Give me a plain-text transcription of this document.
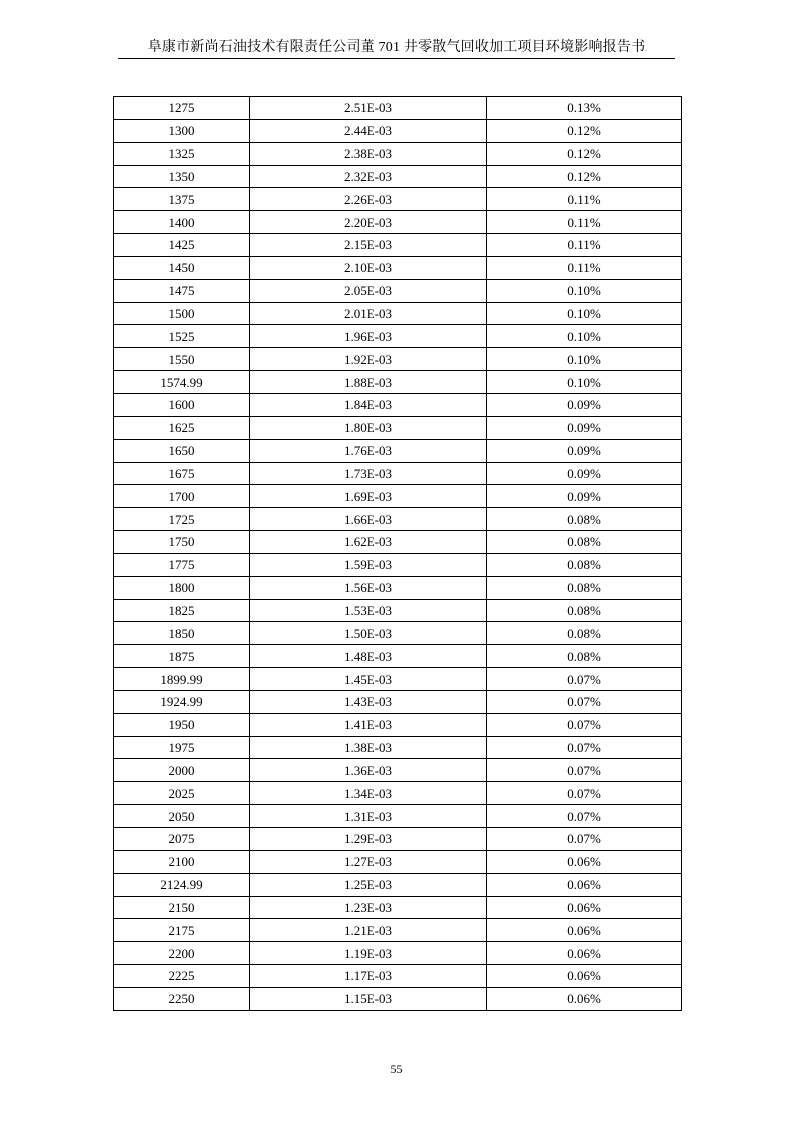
阜康市新尚石油技术有限责任公司董 701 井零散气回收加工项目环境影响报告书
1275	2.51E-03	0.13%
1300	2.44E-03	0.12%
1325	2.38E-03	0.12%
1350	2.32E-03	0.12%
1375	2.26E-03	0.11%
1400	2.20E-03	0.11%
1425	2.15E-03	0.11%
1450	2.10E-03	0.11%
1475	2.05E-03	0.10%
1500	2.01E-03	0.10%
1525	1.96E-03	0.10%
1550	1.92E-03	0.10%
1574.99	1.88E-03	0.10%
1600	1.84E-03	0.09%
1625	1.80E-03	0.09%
1650	1.76E-03	0.09%
1675	1.73E-03	0.09%
1700	1.69E-03	0.09%
1725	1.66E-03	0.08%
1750	1.62E-03	0.08%
1775	1.59E-03	0.08%
1800	1.56E-03	0.08%
1825	1.53E-03	0.08%
1850	1.50E-03	0.08%
1875	1.48E-03	0.08%
1899.99	1.45E-03	0.07%
1924.99	1.43E-03	0.07%
1950	1.41E-03	0.07%
1975	1.38E-03	0.07%
2000	1.36E-03	0.07%
2025	1.34E-03	0.07%
2050	1.31E-03	0.07%
2075	1.29E-03	0.07%
2100	1.27E-03	0.06%
2124.99	1.25E-03	0.06%
2150	1.23E-03	0.06%
2175	1.21E-03	0.06%
2200	1.19E-03	0.06%
2225	1.17E-03	0.06%
2250	1.15E-03	0.06%
55
